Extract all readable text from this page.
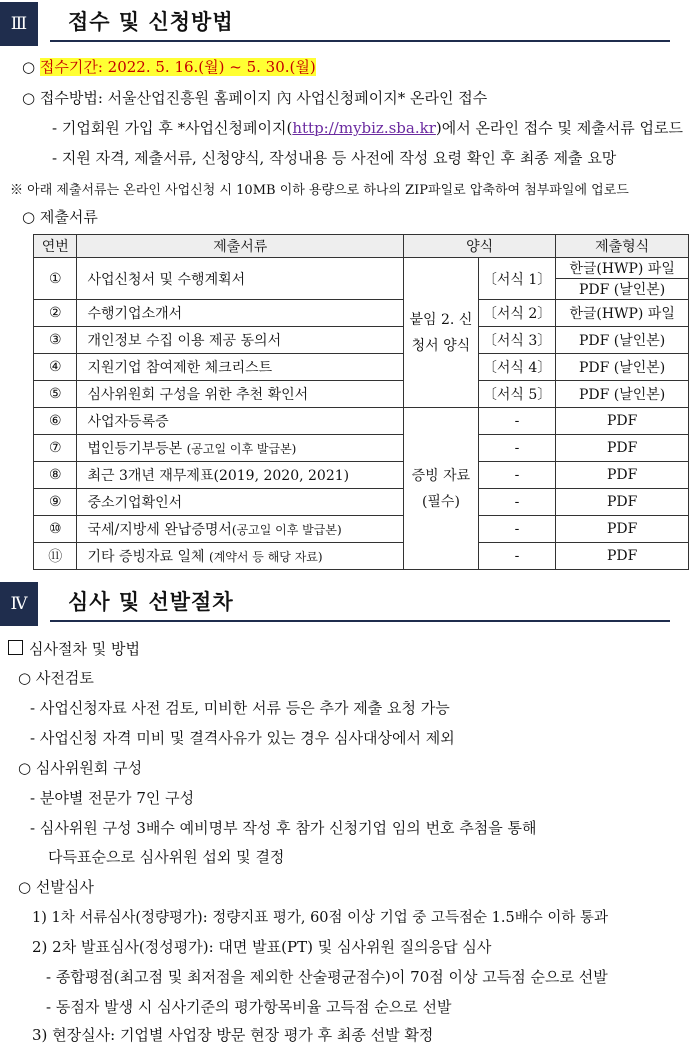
Ⅲ	접수 및 신청방법
○ 접수기간: 2022. 5. 16.(월) ~ 5. 30.(월)
○ 접수방법: 서울산업진흥원 홈페이지 內 사업신청페이지* 온라인 접수
- 기업회원 가입 후 *사업신청페이지(http://mybiz.sba.kr)에서 온라인 접수 및 제출서류 업로드
- 지원 자격, 제출서류, 신청양식, 작성내용 등 사전에 작성 요령 확인 후 최종 제출 요망
※ 아래 제출서류는 온라인 사업신청 시 10MB 이하 용량으로 하나의 ZIP파일로 압축하여 첨부파일에 업로드
○ 제출서류
연번	제출서류	양식		제출형식
①	사업신청서 및 수행계획서	붙임 2. 신청서 양식	〔서식 1〕	한글(HWP) 파일
				PDF (날인본)
②	수행기업소개서		〔서식 2〕	한글(HWP) 파일
③	개인정보 수집 이용 제공 동의서		〔서식 3〕	PDF (날인본)
④	지원기업 참여제한 체크리스트		〔서식 4〕	PDF (날인본)
⑤	심사위원회 구성을 위한 추천 확인서		〔서식 5〕	PDF (날인본)
⑥	사업자등록증	증빙 자료 (필수)	-	PDF
⑦	법인등기부등본 (공고일 이후 발급본)		-	PDF
⑧	최근 3개년 재무제표(2019, 2020, 2021)		-	PDF
⑨	중소기업확인서		-	PDF
⑩	국세/지방세 완납증명서(공고일 이후 발급본)		-	PDF
⑪	기타 증빙자료 일체 (계약서 등 해당 자료)		-	PDF
Ⅳ	심사 및 선발절차
심사절차 및 방법
○ 사전검토
- 사업신청자료 사전 검토, 미비한 서류 등은 추가 제출 요청 가능
- 사업신청 자격 미비 및 결격사유가 있는 경우 심사대상에서 제외
○ 심사위원회 구성
- 분야별 전문가 7인 구성
- 심사위원 구성 3배수 예비명부 작성 후 참가 신청기업 임의 번호 추첨을 통해
다득표순으로 심사위원 섭외 및 결정
○ 선발심사
1) 1차 서류심사(정량평가): 정량지표 평가, 60점 이상 기업 중 고득점순 1.5배수 이하 통과
2) 2차 발표심사(정성평가): 대면 발표(PT) 및 심사위원 질의응답 심사
- 종합평점(최고점 및 최저점을 제외한 산술평균점수)이 70점 이상 고득점 순으로 선발
- 동점자 발생 시 심사기준의 평가항목비율 고득점 순으로 선발
3) 현장실사: 기업별 사업장 방문 현장 평가 후 최종 선발 확정
